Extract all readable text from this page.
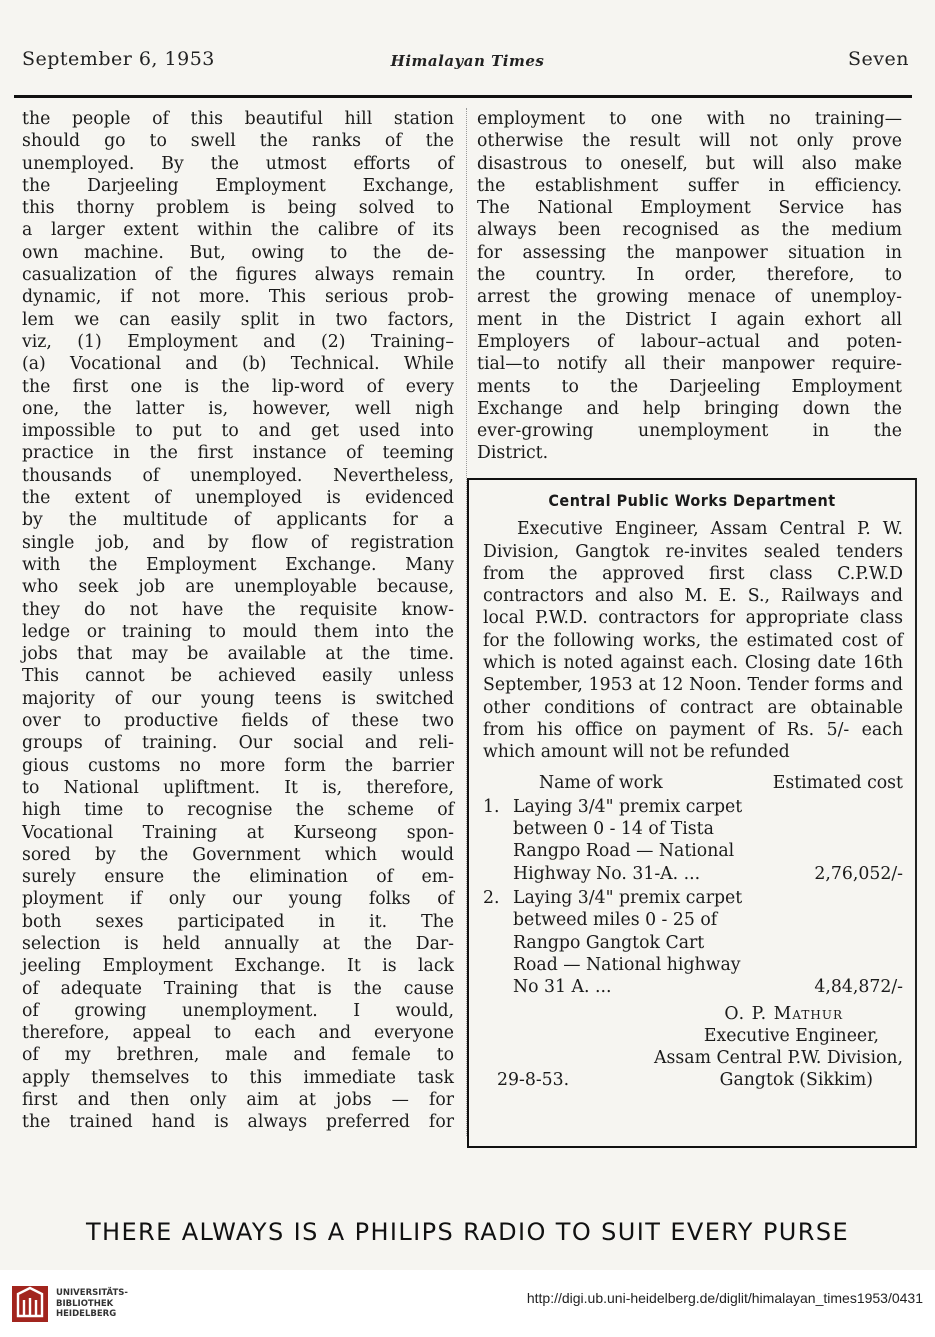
September 6, 1953	Himalayan Times	Seven

the people of this beautiful hill station

should go to swell the ranks of the

unemployed. By the utmost efforts of

the Darjeeling Employment Exchange,

this thorny problem is being solved to

a larger extent within the calibre of its

own machine. But, owing to the de-

casualization of the figures always remain

dynamic, if not more. This serious prob-

lem we can easily split in two factors,

viz, (1) Employment and (2) Training–

(a) Vocational and (b) Technical. While

the first one is the lip-word of every

one, the latter is, however, well nigh

impossible to put to and get used into

practice in the first instance of teeming

thousands of unemployed. Nevertheless,

the extent of unemployed is evidenced

by the multitude of applicants for a

single job, and by flow of registration

with the Employment Exchange. Many

who seek job are unemployable because,

they do not have the requisite know-

ledge or training to mould them into the

jobs that may be available at the time.

This cannot be achieved easily unless

majority of our young teens is switched

over to productive fields of these two

groups of training. Our social and reli-

gious customs no more form the barrier

to National upliftment. It is, therefore,

high time to recognise the scheme of

Vocational Training at Kurseong spon-

sored by the Government which would

surely ensure the elimination of em-

ployment if only our young folks of

both sexes participated in it. The

selection is held annually at the Dar-

jeeling Employment Exchange. It is lack

of adequate Training that is the cause

of growing unemployment. I would,

therefore, appeal to each and everyone

of my brethren, male and female to

apply themselves to this immediate task

first and then only aim at jobs — for

the trained hand is always preferred for

employment to one with no training—

otherwise the result will not only prove

disastrous to oneself, but will also make

the establishment suffer in efficiency.

The National Employment Service has

always been recognised as the medium

for assessing the manpower situation in

the country. In order, therefore, to

arrest the growing menace of unemploy-

ment in the District I again exhort all

Employers of labour–actual and poten-

tial—to notify all their manpower require-

ments to the Darjeeling Employment

Exchange and help bringing down the

ever-growing unemployment in the

District.

Central Public Works Department

Executive Engineer, Assam Central P. W. Division, Gangtok re-invites sealed tenders from the approved first class C.P.W.D contractors and also M. E. S., Railways and local P.W.D. contractors for appropriate class for the following works, the estimated cost of which is noted against each. Closing date 16th September, 1953 at 12 Noon. Tender forms and other conditions of contract are obtainable from his office on payment of Rs. 5/- each which amount will not be refunded

Name of work	Estimated cost
1. Laying 3/4" premix carpet
between 0 - 14 of Tista
Rangpo Road — National
Highway No. 31-A. ...	2,76,052/-
2. Laying 3/4" premix carpet
betweed miles 0 - 25 of
Rangpo Gangtok Cart
Road — National highway
No 31 A. ...	4,84,872/-
O. P. Mathur
Executive Engineer,
Assam Central P.W. Division,
29-8-53.	Gangtok (Sikkim)
THERE ALWAYS IS A PHILIPS RADIO TO SUIT EVERY PURSE
UNIVERSITÄTS-
BIBLIOTHEK
HEIDELBERG
http://digi.ub.uni-heidelberg.de/diglit/himalayan_times1953/0431
